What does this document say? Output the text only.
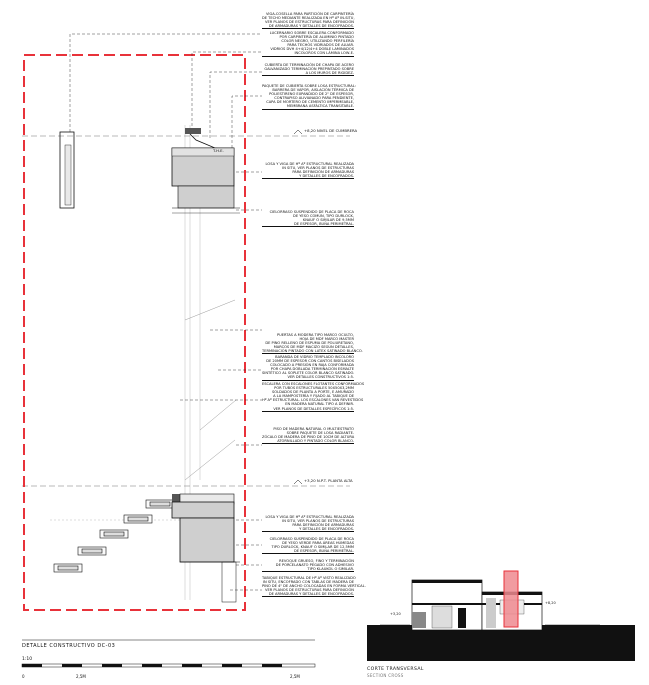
VIGA-COSELLA PARA PARTICIÓN DE CARPINTERÍA
DE TECHO MEDIANTE REALIZADA EN Hº Aº IN-SITU,
VER PLANOS DE ESTRUCTURAS PARA DEFINICIÓN
DE ARMADURAS Y DETALLES DE ENCOFRADOS.
LUCERNARIO SOBRE ESCALERA CONFORMADO
POR CARPINTERÍA DE ALUMINIO PINTADO
COLOR NEGRO, UTILIZANDO PERFILERÍA
PARA TECHOS VIDRIADOS DE ALUAR.
VIDRIOS DVH 4+4/12/4+4 DOBLE LAMINADOS
INCOLOROS CON LÁMINA LOW-E.
CUBIERTA DE TERMINACIÓN DE CHAPA DE ACERO
GALVANIZADO TERMINACIÓN PREPINTADO SOBRE
A LOS MUROS DE RIGIDEZ.
PAQUETE DE CUBIERTA SOBRE LOSA ESTRUCTURAL:
BARRERA DE VAPOR, AISLACIÓN TÉRMICA DE
POLIESTIRENO EXPANDIDO DE 2" DE ESPESOR,
CONTRAPISO ALIVIANADO PARA PENDIENTE,
CAPA DE MORTERO DE CEMENTO IMPERMEABLE,
MEMBRANA ASFÁLTICA TRANSITABLE.
LOSA Y VIGA DE Hº Aº ESTRUCTURAL REALIZADA
IN SITU, VER PLANOS DE ESTRUCTURAS
PARA DEFINICIÓN DE ARMADURAS
Y DETALLES DE ENCOFRADOS.
CIELORRASO SUSPENDIDO DE PLACA DE ROCA
DE YESO COMÚN, TIPO DURLOCK,
KNAUF O SIMILAR DE 9,5MM
DE ESPESOR, BUÑA PERIMETRAL.
PUERTAS A MODERA TIPO MARCO OCULTO,
HOJA DE MDF MARCO MASTER
DE PINO RELLENO DE ESPUMA DE POLIURETANO,
MARCOS DE MDF MACIZO SEGÚN DETALLES,
TERMINACIÓN PINTADO CON LATEX SATINADO BLANCO.
BARANDA DE VIDRIO TEMPLADO INCOLORO
DE 20MM DE ESPESOR CON CANTOS BISELADOS
COLOCADO A PRESIÓN EN RAJA CONFORMADA
POR CHAPA DOBLADA TERMINACIÓN ESMALTE
SINTÉTICO AL SOPLETE COLOR BLANCO SATINADO.
VER DETALLES CONSTRUCTIVOS 1:5.
ESCALERA CON ESCALONES FLOTANTES CONFORMADOS
POR TUBOS ESTRUCTURALES 50X50X3,2MM
SOLDADOS DE PLANTA A PORTE, E AMURADO
A LA MAMPOSTERÍA Y FIJADO AL TABIQUE DE
Hº Aº ESTRUCTURAL. LOS ESCALONES VAN REVESTIDOS
EN MADERA NATURAL TIPO A DEFINIR.
VER PLANOS DE DETALLES ESPECÍFICOS 1:5.
PISO DE MADERA NATURAL O MULTIESTRATO
SOBRE PAQUETE DE LOSA RADIANTE.
ZÓCALO DE MADERA DE PINO DE 10CM DE ALTURA
ATORNILLADO Y PINTADO COLOR BLANCO.
LOSA Y VIGA DE Hº Aº ESTRUCTURAL REALIZADA
IN SITU, VER PLANOS DE ESTRUCTURAS
PARA DEFINICIÓN DE ARMADURAS
Y DETALLES DE ENCOFRADOS.
CIELORRASO SUSPENDIDO DE PLACA DE ROCA
DE YESO VERDE PARA ÁREAS HÚMEDAS
TIPO DURLOCK, KNAUF O SIMILAR DE 12,5MM
DE ESPESOR, BUÑA PERIMETRAL.
REVOQUE GRUESO, FINO Y TERMINACIÓN
DE PORCELANATO PEGADO CON ADHESIVO
TIPO KLAUKOL O SIMILAR.
TABIQUE ESTRUCTURAL DE Hº Aº VISTO REALIZADO
IN SITU, ENCOFRADO CON TABLAS DE MADERA DE
PINO DE 4" DE ANCHO COLOCADAS EN FORMA VERTICAL.
VER PLANOS DE ESTRUCTURAS PARA DEFINICIÓN
DE ARMADURAS Y DETALLES DE ENCOFRADOS.
+8,20 NIVEL DE CUMBRERA
+3,20 N.P.T. PLANTA ALTA
T.H.E.
DETALLE CONSTRUCTIVO DC-03
1:10
0	2,5M	2,5M
+3,20
+8,20
CORTE TRANSVERSAL
SECTION CROSS
